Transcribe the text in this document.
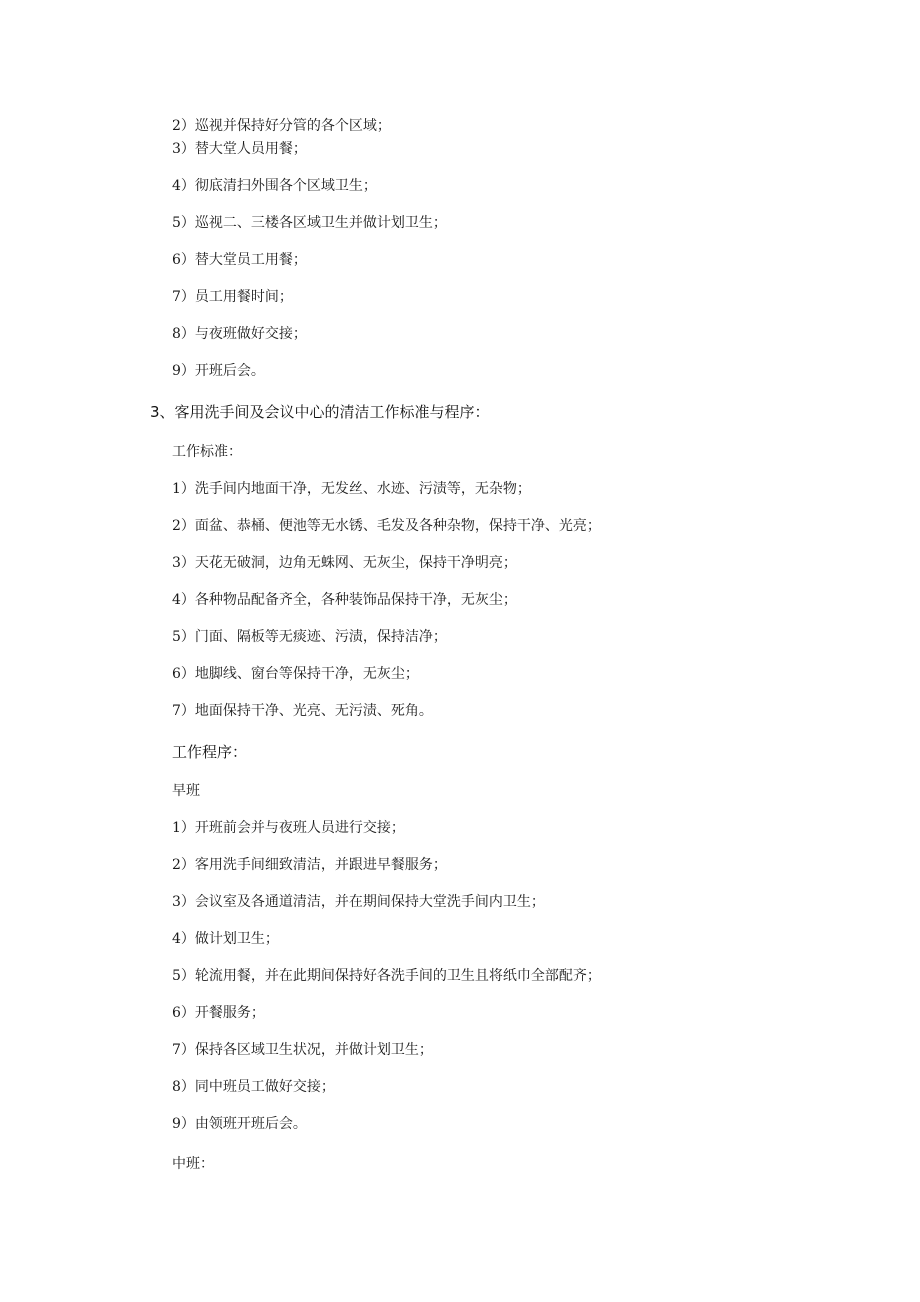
2）巡视并保持好分管的各个区域；
3）替大堂人员用餐；
4）彻底清扫外围各个区域卫生；
5）巡视二、三楼各区域卫生并做计划卫生；
6）替大堂员工用餐；
7）员工用餐时间；
8）与夜班做好交接；
9）开班后会。
3、客用洗手间及会议中心的清洁工作标准与程序：
工作标准：
1）洗手间内地面干净，无发丝、水迹、污渍等，无杂物；
2）面盆、恭桶、便池等无水锈、毛发及各种杂物，保持干净、光亮；
3）天花无破洞，边角无蛛网、无灰尘，保持干净明亮；
4）各种物品配备齐全，各种装饰品保持干净，无灰尘；
5）门面、隔板等无痰迹、污渍，保持洁净；
6）地脚线、窗台等保持干净，无灰尘；
7）地面保持干净、光亮、无污渍、死角。
工作程序：
早班
1）开班前会并与夜班人员进行交接；
2）客用洗手间细致清洁，并跟进早餐服务；
3）会议室及各通道清洁，并在期间保持大堂洗手间内卫生；
4）做计划卫生；
5）轮流用餐，并在此期间保持好各洗手间的卫生且将纸巾全部配齐；
6）开餐服务；
7）保持各区域卫生状况，并做计划卫生；
8）同中班员工做好交接；
9）由领班开班后会。
中班：
